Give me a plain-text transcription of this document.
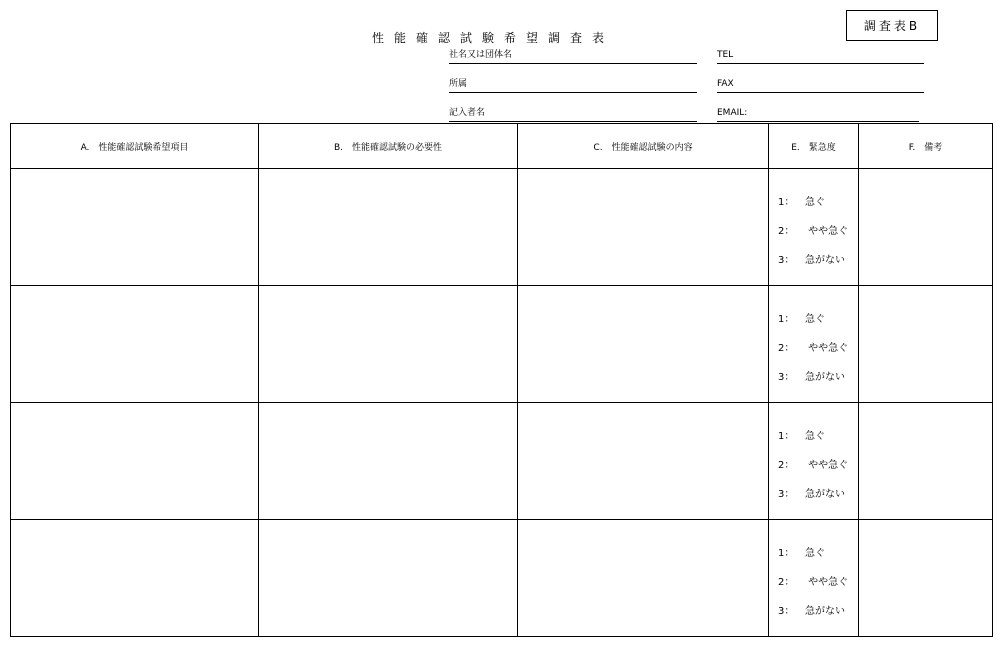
性能確認試験希望調査表
調査表B
社名又は団体名	TEL
所属	FAX
記入者名	EMAIL:
A.　性能確認試験希望項目	B.　性能確認試験の必要性	C.　性能確認試験の内容	E.　緊急度	F.　備考

			1： 急ぐ
2： やや急ぐ
3： 急がない	

			1： 急ぐ
2： やや急ぐ
3： 急がない	

			1： 急ぐ
2： やや急ぐ
3： 急がない	

			1： 急ぐ
2： やや急ぐ
3： 急がない	
